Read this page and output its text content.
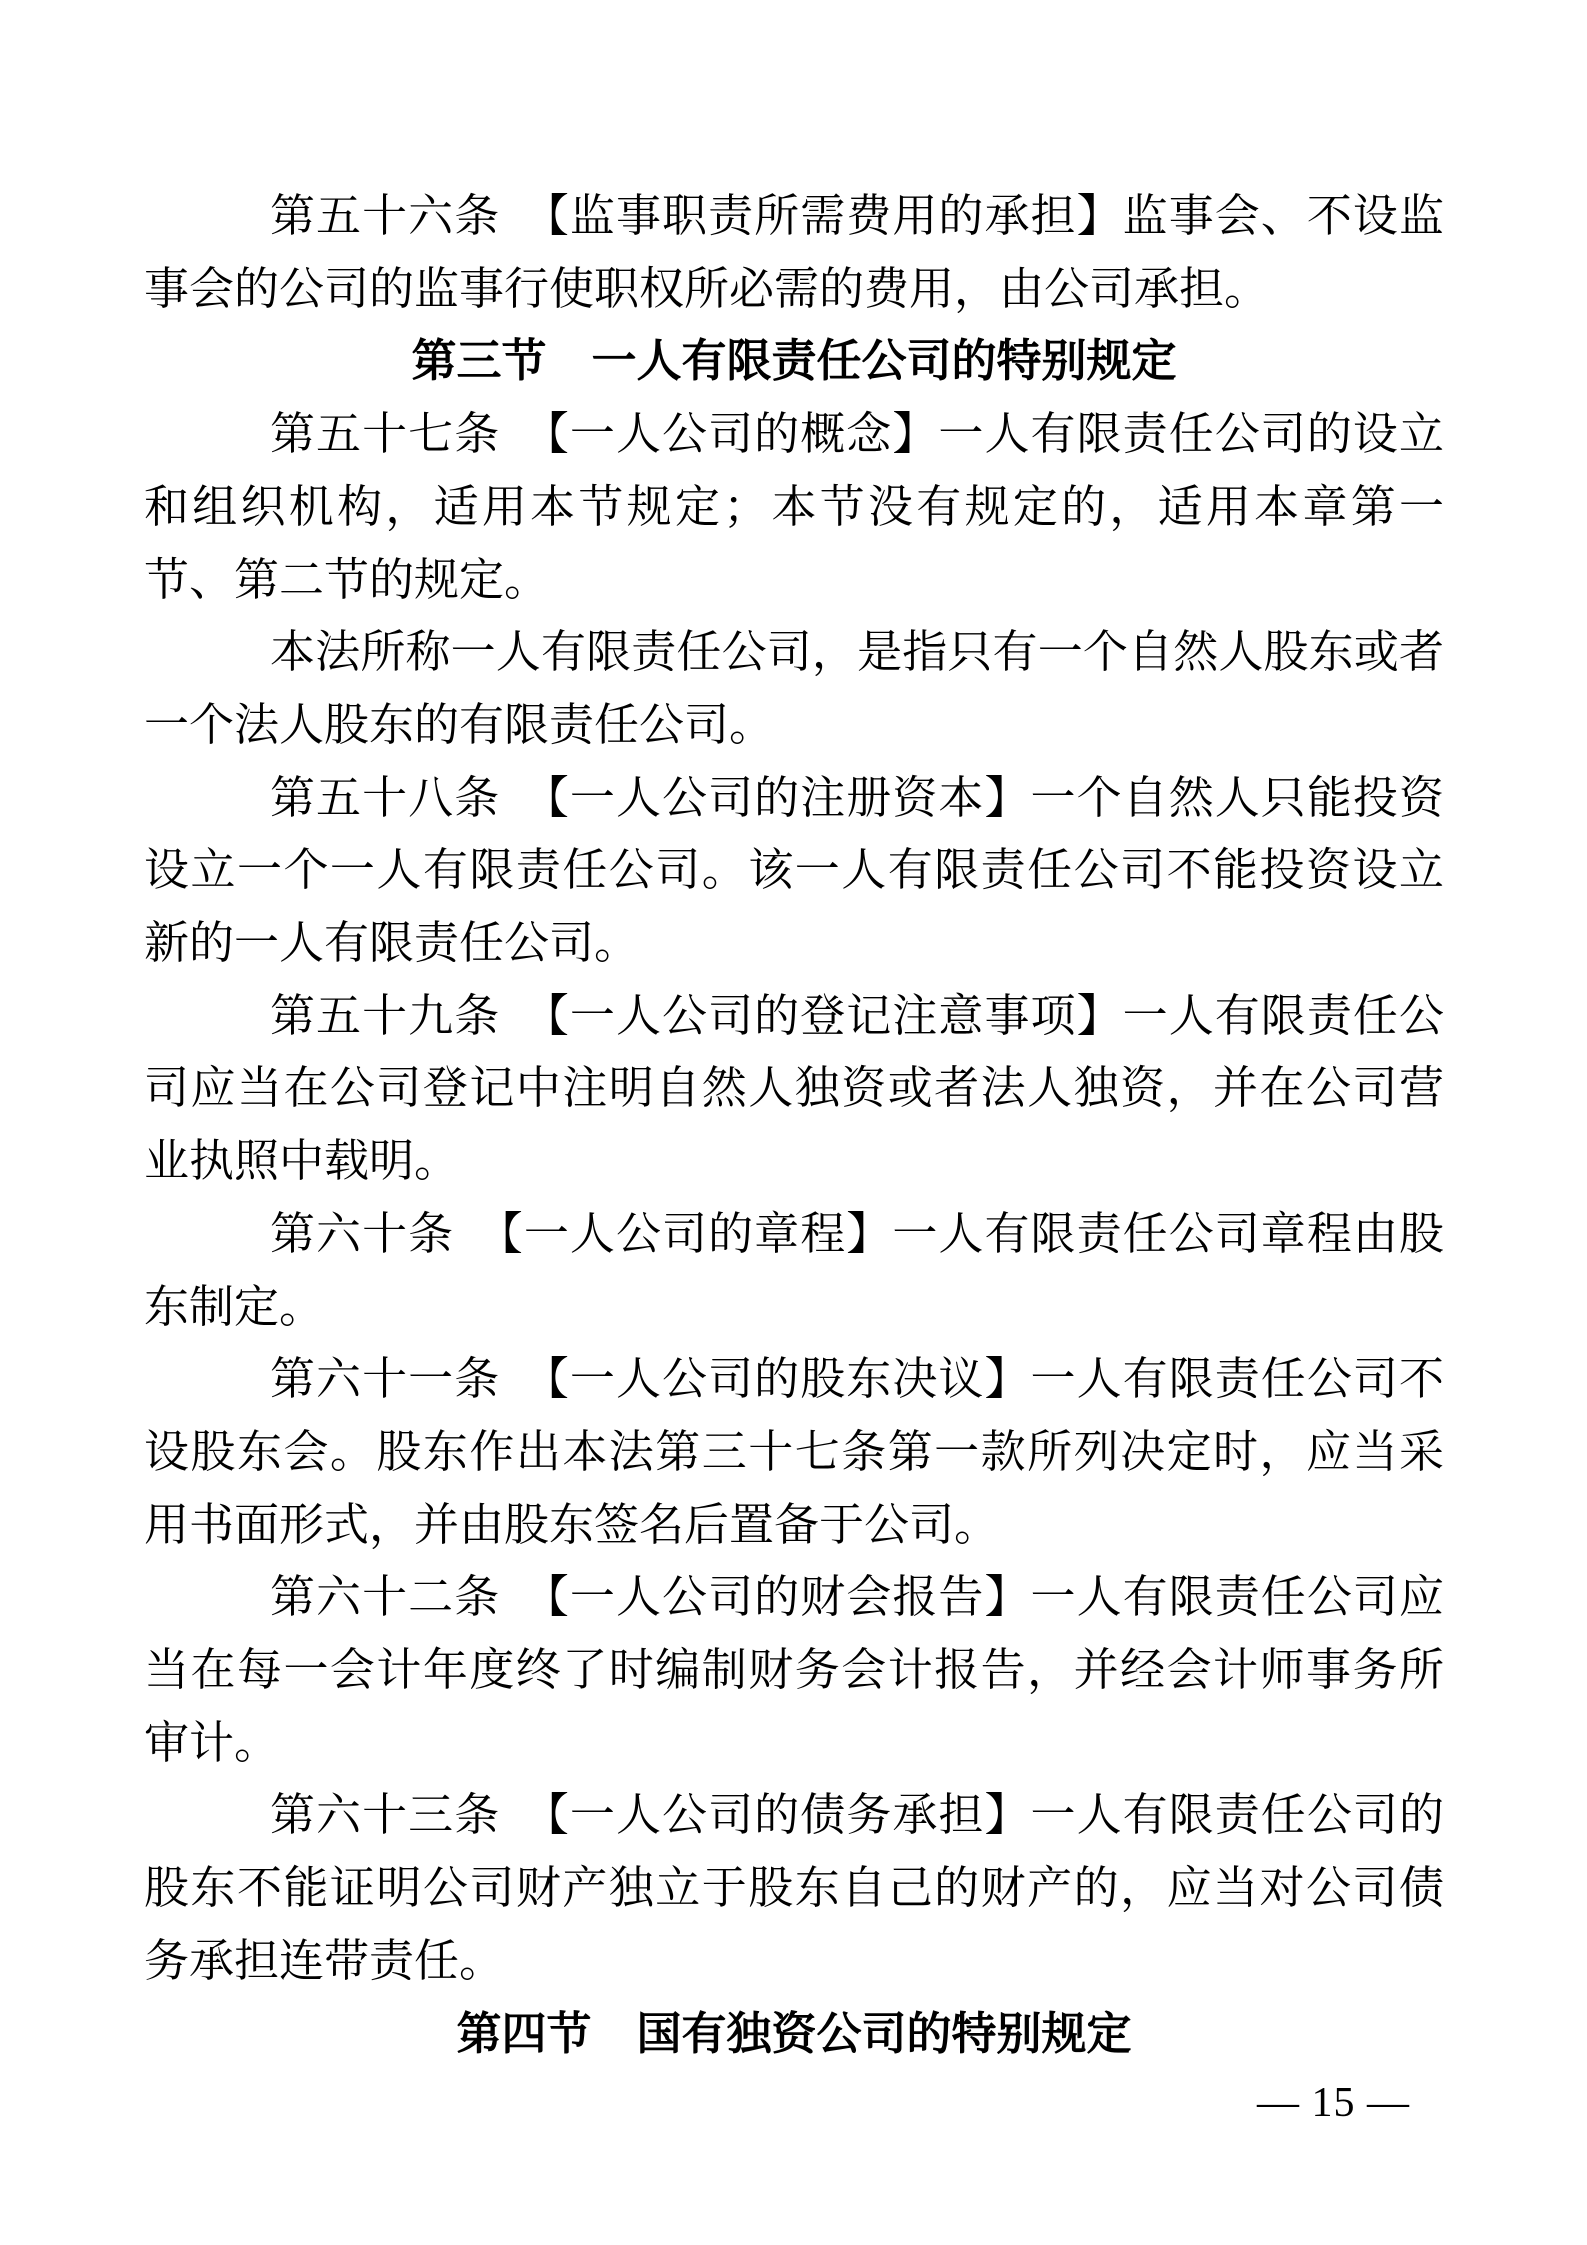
第五十六条　【监事职责所需费用的承担】监事会、不设监事会的公司的监事行使职权所必需的费用，由公司承担。

第三节　一人有限责任公司的特别规定

第五十七条　【一人公司的概念】一人有限责任公司的设立和组织机构，适用本节规定；本节没有规定的，适用本章第一节、第二节的规定。

本法所称一人有限责任公司，是指只有一个自然人股东或者一个法人股东的有限责任公司。

第五十八条　【一人公司的注册资本】一个自然人只能投资设立一个一人有限责任公司。该一人有限责任公司不能投资设立新的一人有限责任公司。

第五十九条　【一人公司的登记注意事项】一人有限责任公司应当在公司登记中注明自然人独资或者法人独资，并在公司营业执照中载明。

第六十条　【一人公司的章程】一人有限责任公司章程由股东制定。

第六十一条　【一人公司的股东决议】一人有限责任公司不设股东会。股东作出本法第三十七条第一款所列决定时，应当采用书面形式，并由股东签名后置备于公司。

第六十二条　【一人公司的财会报告】一人有限责任公司应当在每一会计年度终了时编制财务会计报告，并经会计师事务所审计。

第六十三条　【一人公司的债务承担】一人有限责任公司的股东不能证明公司财产独立于股东自己的财产的，应当对公司债务承担连带责任。

第四节　国有独资公司的特别规定

— 15 —
